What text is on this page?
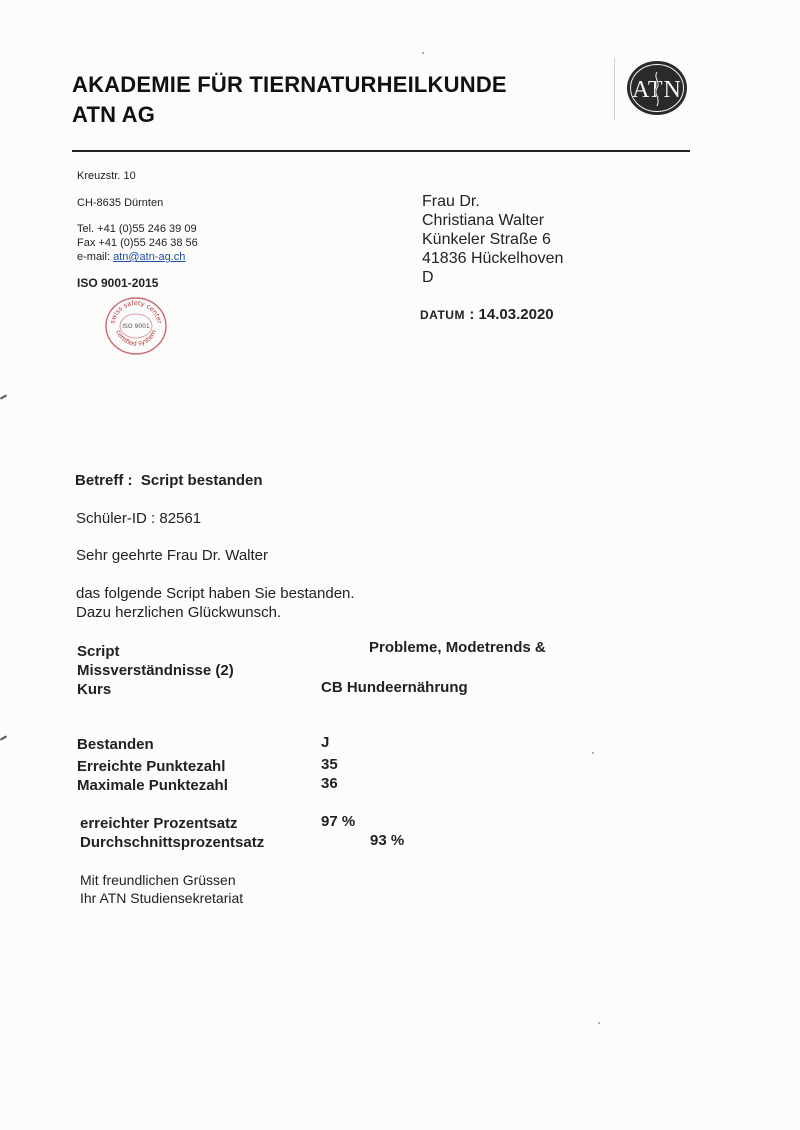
AKADEMIE FÜR TIERNATURHEILKUNDE
ATN AG
ATN
Kreuzstr. 10
CH-8635 Dürnten
Tel. +41 (0)55 246 39 09
Fax +41 (0)55 246 38 56
e-mail: atn@atn-ag.ch
ISO 9001-2015
swiss safety center
ISO 9001
certified system
Frau Dr.
Christiana Walter
Künkeler Straße 6
41836 Hückelhoven
D
DATUM : 14.03.2020
Betreff : Script bestanden
Schüler-ID : 82561
Sehr geehrte Frau Dr. Walter
das folgende Script haben Sie bestanden.
Dazu herzlichen Glückwunsch.
Script	Probleme, Modetrends &
Missverständnisse (2)
Kurs	CB Hundeernährung
Bestanden	J
Erreichte Punktezahl	35
Maximale Punktezahl	36
erreichter Prozentsatz	97 %
Durchschnittsprozentsatz	93 %
Mit freundlichen Grüssen
Ihr ATN Studiensekretariat
